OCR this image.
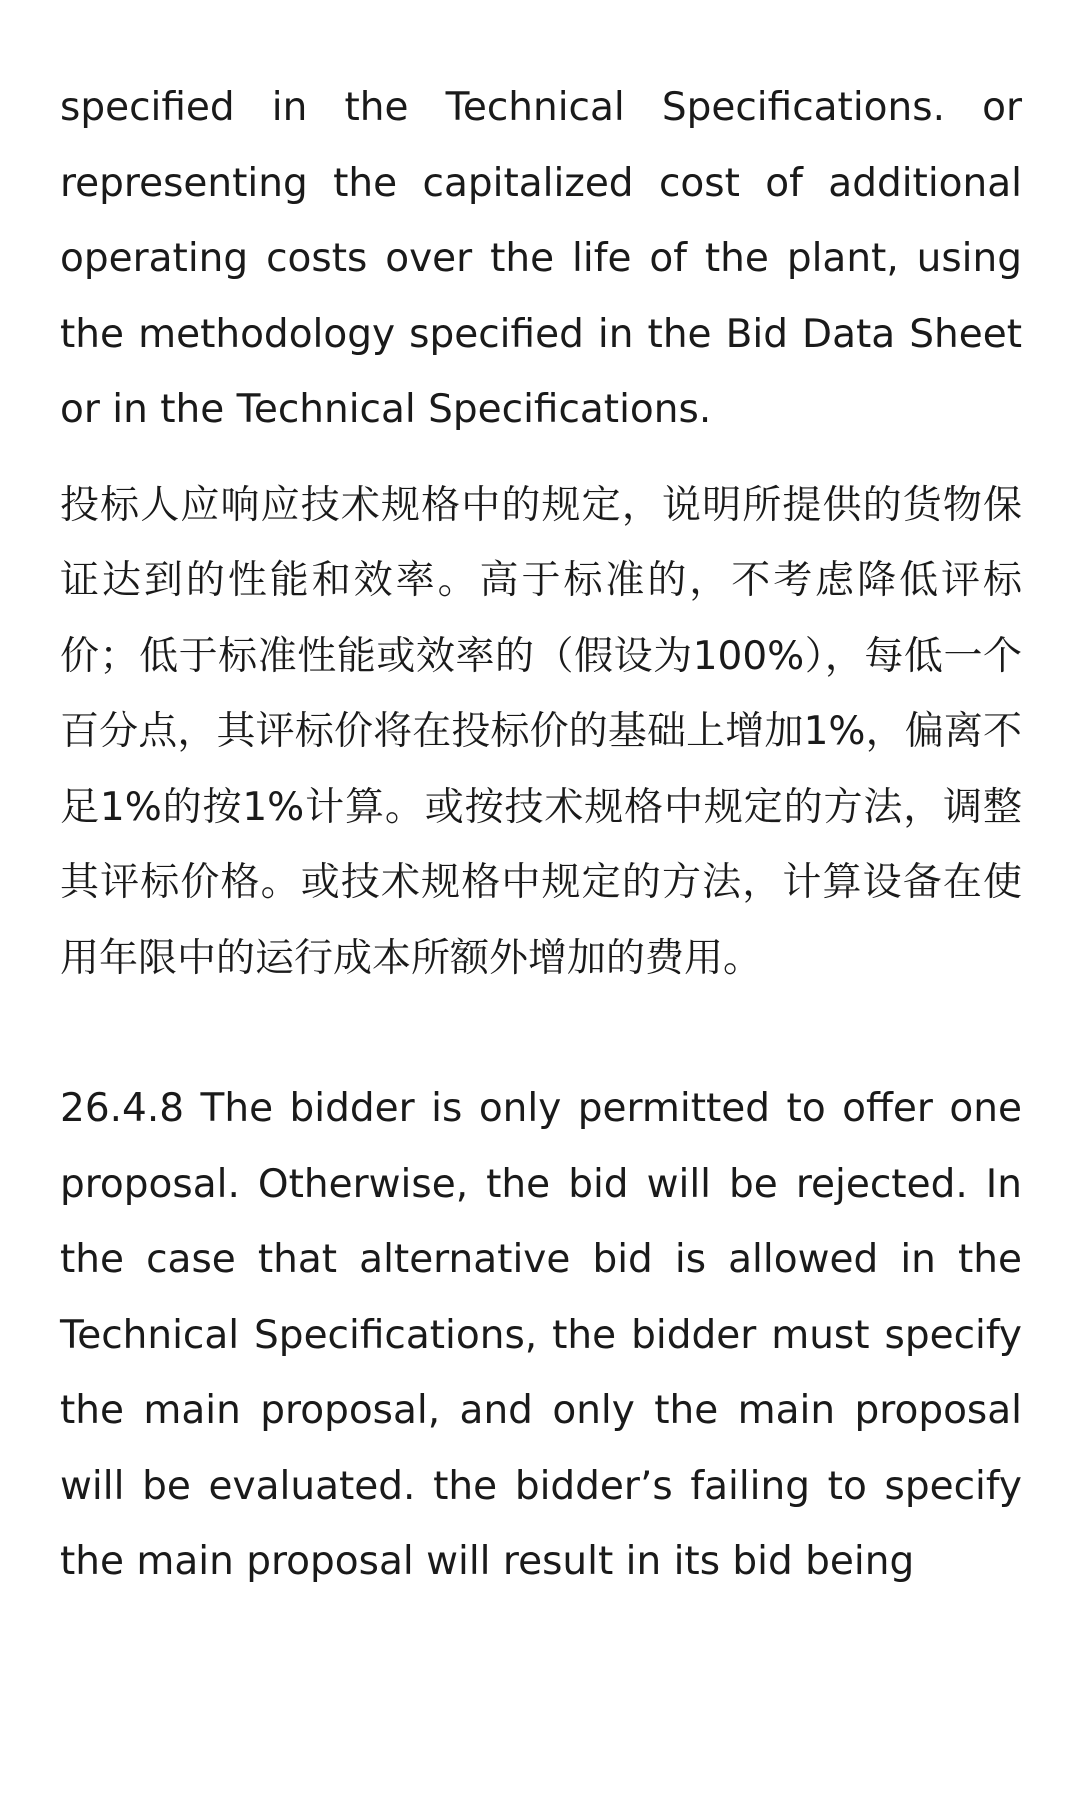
specified in the Technical Specifications. or representing the capitalized cost of additional operating costs over the life of the plant, using the methodology specified in the Bid Data Sheet or in the Technical Specifications.

投标人应响应技术规格中的规定，说明所提供的货物保证达到的性能和效率。高于标准的，不考虑降低评标价；低于标准性能或效率的（假设为100%），每低一个百分点，其评标价将在投标价的基础上增加1%，偏离不足1%的按1%计算。或按技术规格中规定的方法，调整其评标价格。或技术规格中规定的方法，计算设备在使用年限中的运行成本所额外增加的费用。

26.4.8 The bidder is only permitted to offer one proposal. Otherwise, the bid will be rejected. In the case that alternative bid is allowed in the Technical Specifications, the bidder must specify the main proposal, and only the main proposal will be evaluated. the bidder’s failing to specify the main proposal will result in its bid being
